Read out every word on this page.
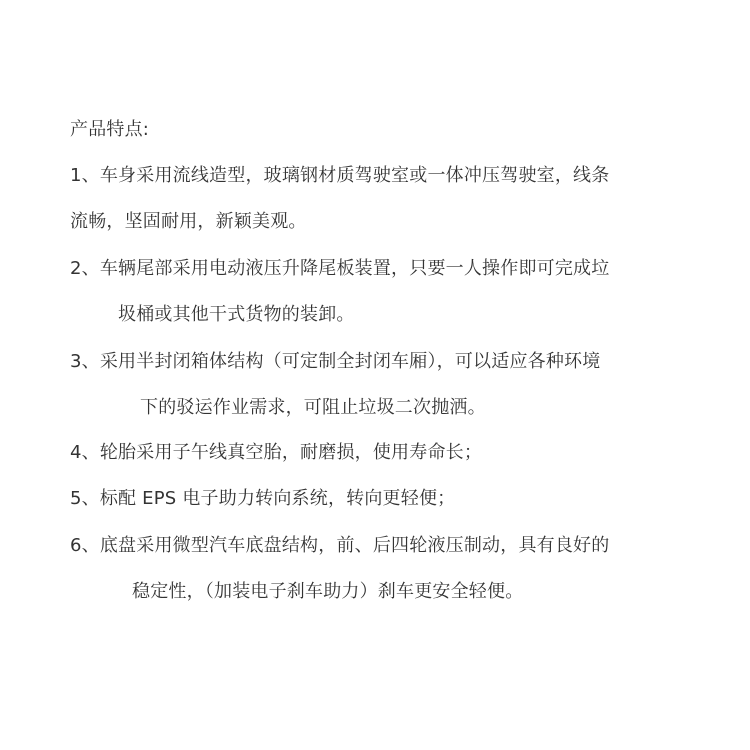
产品特点:
1、车身采用流线造型，玻璃钢材质驾驶室或一体冲压驾驶室，线条
流畅，坚固耐用，新颖美观。
2、车辆尾部采用电动液压升降尾板装置，只要一人操作即可完成垃
圾桶或其他干式货物的装卸。
3、采用半封闭箱体结构（可定制全封闭车厢），可以适应各种环境
下的驳运作业需求，可阻止垃圾二次抛洒。
4、轮胎采用子午线真空胎，耐磨损，使用寿命长；
5、标配 EPS 电子助力转向系统，转向更轻便；
6、底盘采用微型汽车底盘结构，前、后四轮液压制动，具有良好的
稳定性，（加装电子刹车助力）刹车更安全轻便。
